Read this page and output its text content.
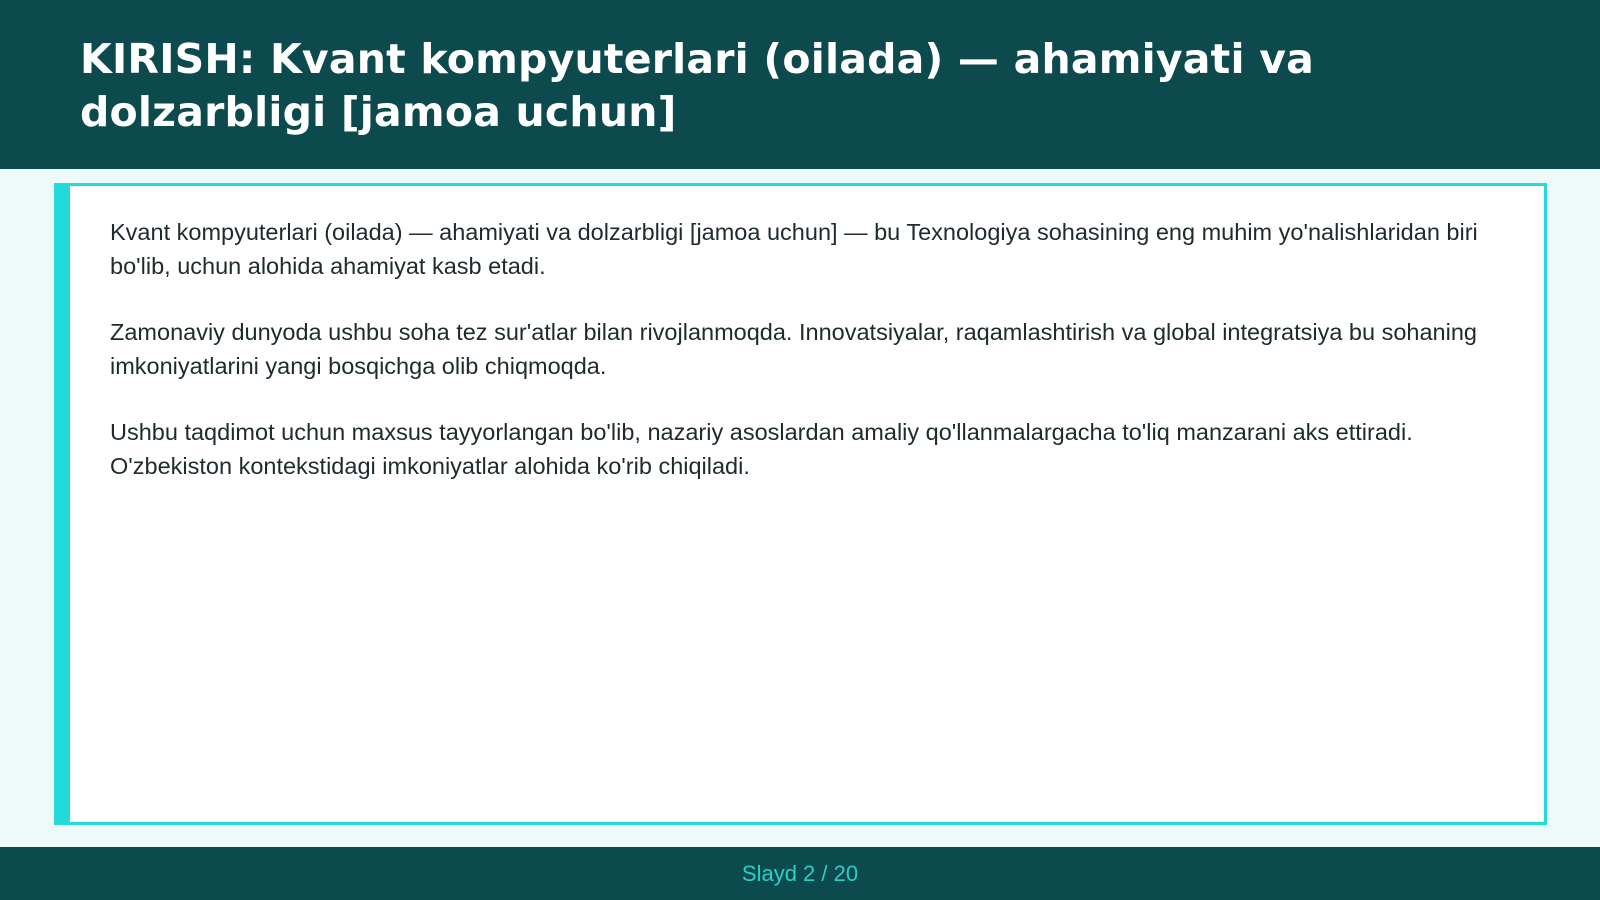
KIRISH: Kvant kompyuterlari (oilada) — ahamiyati va dolzarbligi [jamoa uchun]

Kvant kompyuterlari (oilada) — ahamiyati va dolzarbligi [jamoa uchun] — bu Texnologiya sohasining eng muhim yo'nalishlaridan biri bo'lib, uchun alohida ahamiyat kasb etadi.

Zamonaviy dunyoda ushbu soha tez sur'atlar bilan rivojlanmoqda. Innovatsiyalar, raqamlashtirish va global integratsiya bu sohaning imkoniyatlarini yangi bosqichga olib chiqmoqda.

Ushbu taqdimot uchun maxsus tayyorlangan bo'lib, nazariy asoslardan amaliy qo'llanmalargacha to'liq manzarani aks ettiradi. O'zbekiston kontekstidagi imkoniyatlar alohida ko'rib chiqiladi.

Slayd 2 / 20
